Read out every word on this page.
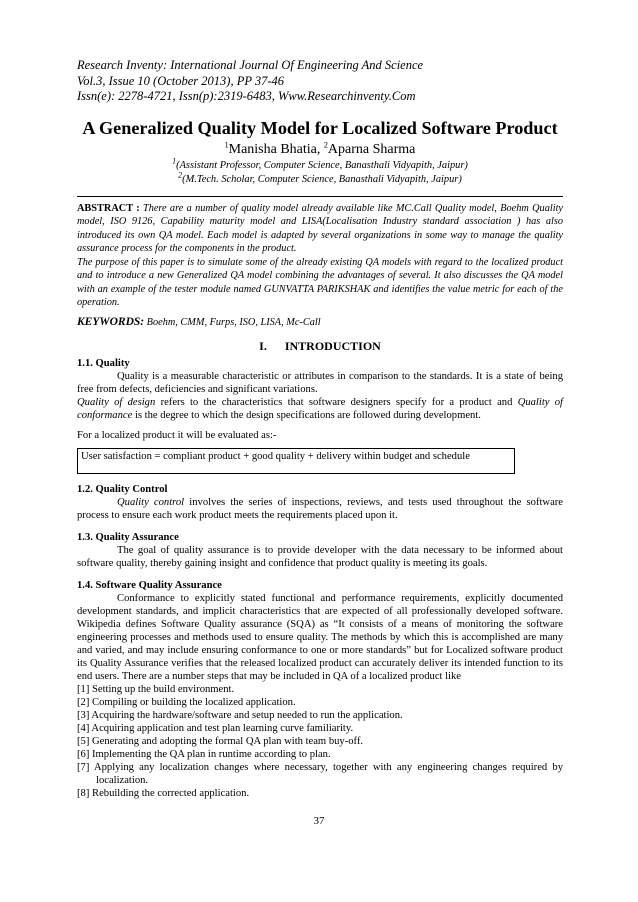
Research Inventy: International Journal Of Engineering And Science
Vol.3, Issue 10 (October 2013), PP 37-46
Issn(e): 2278-4721, Issn(p):2319-6483, Www.Researchinventy.Com
A Generalized Quality Model for Localized Software Product
$^1$Manisha Bhatia, $^2$Aparna Sharma
$^1$(Assistant Professor, Computer Science, Banasthali Vidyapith, Jaipur)
$^2$(M.Tech. Scholar, Computer Science, Banasthali Vidyapith, Jaipur)
ABSTRACT : There are a number of quality model already available like MC.Call Quality model, Boehm Quality model, ISO 9126, Capability maturity model and LISA(Localisation Industry standard association ) has also introduced its own QA model. Each model is adapted by several organizations in some way to manage the quality assurance process for the components in the product.
The purpose of this paper is to simulate some of the already existing QA models with regard to the localized product and to introduce a new Generalized QA model combining the advantages of several. It also discusses the QA model with an example of the tester module named GUNVATTA PARIKSHAK and identifies the value metric for each of the operation.
KEYWORDS: Boehm, CMM, Furps, ISO, LISA, Mc-Call
I. INTRODUCTION
1.1. Quality

Quality is a measurable characteristic or attributes in comparison to the standards. It is a state of being free from defects, deficiencies and significant variations.

Quality of design refers to the characteristics that software designers specify for a product and Quality of conformance is the degree to which the design specifications are followed during development.

For a localized product it will be evaluated as:-

User satisfaction = compliant product + good quality + delivery within budget and schedule
1.2. Quality Control

Quality control involves the series of inspections, reviews, and tests used throughout the software process to ensure each work product meets the requirements placed upon it.

1.3. Quality Assurance

The goal of quality assurance is to provide developer with the data necessary to be informed about software quality, thereby gaining insight and confidence that product quality is meeting its goals.

1.4. Software Quality Assurance

Conformance to explicitly stated functional and performance requirements, explicitly documented development standards, and implicit characteristics that are expected of all professionally developed software. Wikipedia defines Software Quality assurance (SQA) as “It consists of a means of monitoring the software engineering processes and methods used to ensure quality. The methods by which this is accomplished are many and varied, and may include ensuring conformance to one or more standards” but for Localized software product its Quality Assurance verifies that the released localized product can accurately deliver its intended function to its end users. There are a number steps that may be included in QA of a localized product like

[1] Setting up the build environment.
[2] Compiling or building the localized application.
[3] Acquiring the hardware/software and setup needed to run the application.
[4] Acquiring application and test plan learning curve familiarity.
[5] Generating and adopting the formal QA plan with team buy-off.
[6] Implementing the QA plan in runtime according to plan.
[7] Applying any localization changes where necessary, together with any engineering changes required by localization.
[8] Rebuilding the corrected application.
37
